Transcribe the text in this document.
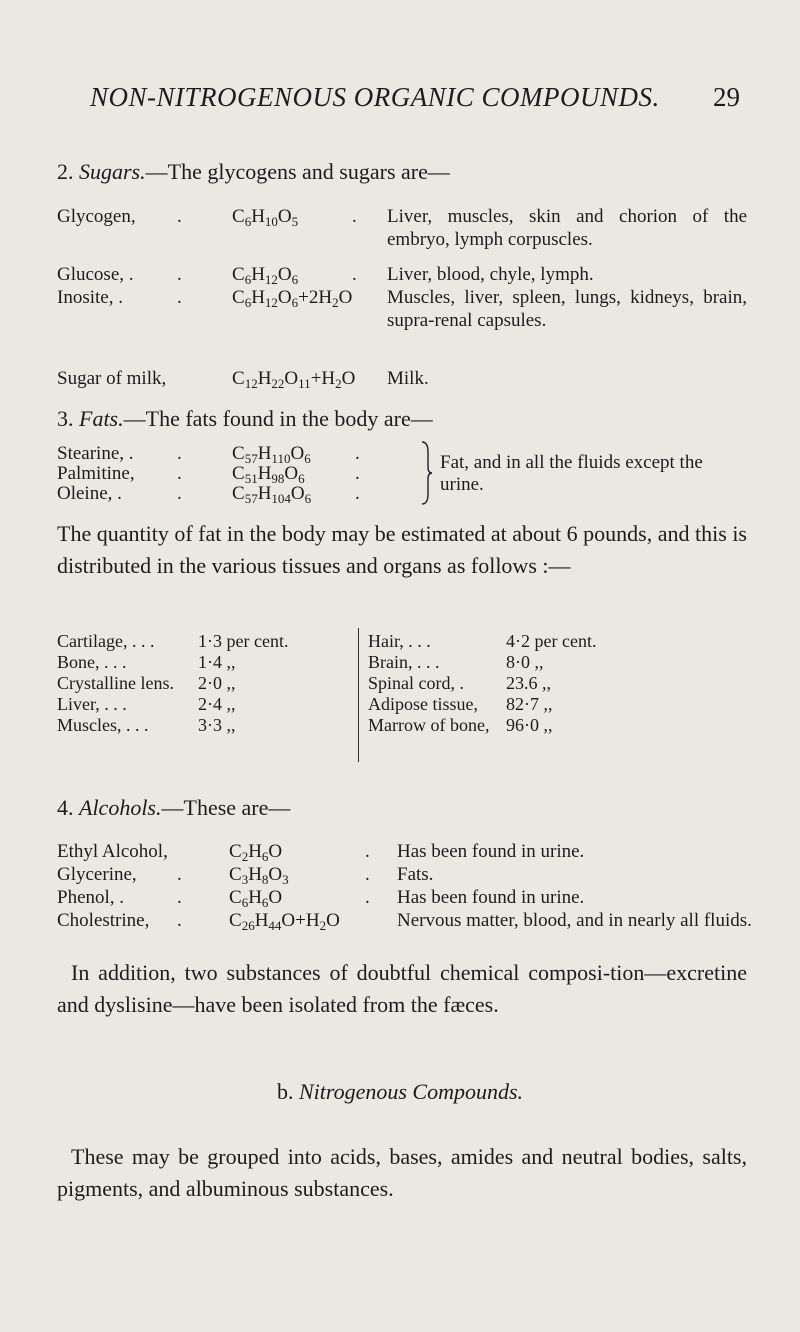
NON-NITROGENOUS ORGANIC COMPOUNDS. 29
2. Sugars.—The glycogens and sugars are—
Glycogen, .	$C_6H_{10}O_5$	. Liver, muscles, skin and chorion of the embryo, lymph corpuscles.
Glucose, . .	$C_6H_{12}O_6$	. Liver, blood, chyle, lymph.
Inosite, .	.	$C_6H_{12}O_6+2H_2O$ Muscles, liver, spleen, lungs, kidneys, brain, supra-renal capsules.
Sugar of milk,	$C_{12}H_{22}O_{11}+H_2O$ Milk.
3. Fats.—The fats found in the body are—
Stearine, . .	$C_{57}H_{110}O_6$ .
Palmitine, .	$C_{51}H_{98}O_6$	.
Oleine, .	.	$C_{57}H_{104}O_6$ .
Fat, and in all the fluids except the urine.
The quantity of fat in the body may be estimated at about 6 pounds, and this is distributed in the various tissues and organs as follows :—
Cartilage, . . . 1·3 per cent.
Bone, . . .	1·4 ,,
Crystalline lens. 2·0 ,,
Liver, . . .	2·4 ,,
Muscles, . . .	3·3 ,,
Hair, . . .	4·2 per cent.
Brain, . . .	8·0 ,,
Spinal cord, . 23.6 ,,
Adipose tissue, 82·7 ,,
Marrow of bone, 96·0 ,,
4. Alcohols.—These are—
Ethyl Alcohol,	$C_2H_6O$	. Has been found in urine.
Glycerine, . $C_3H_8O_3$	. Fats.
Phenol, .	. $C_6H_6O$	. Has been found in urine.
Cholestrine, . $C_{26}H_{44}O+H_2O$	Nervous matter, blood, and in nearly all fluids.
In addition, two substances of doubtful chemical composi-tion—excretine and dyslisine—have been isolated from the fæces.
b. Nitrogenous Compounds.
These may be grouped into acids, bases, amides and neutral bodies, salts, pigments, and albuminous substances.
